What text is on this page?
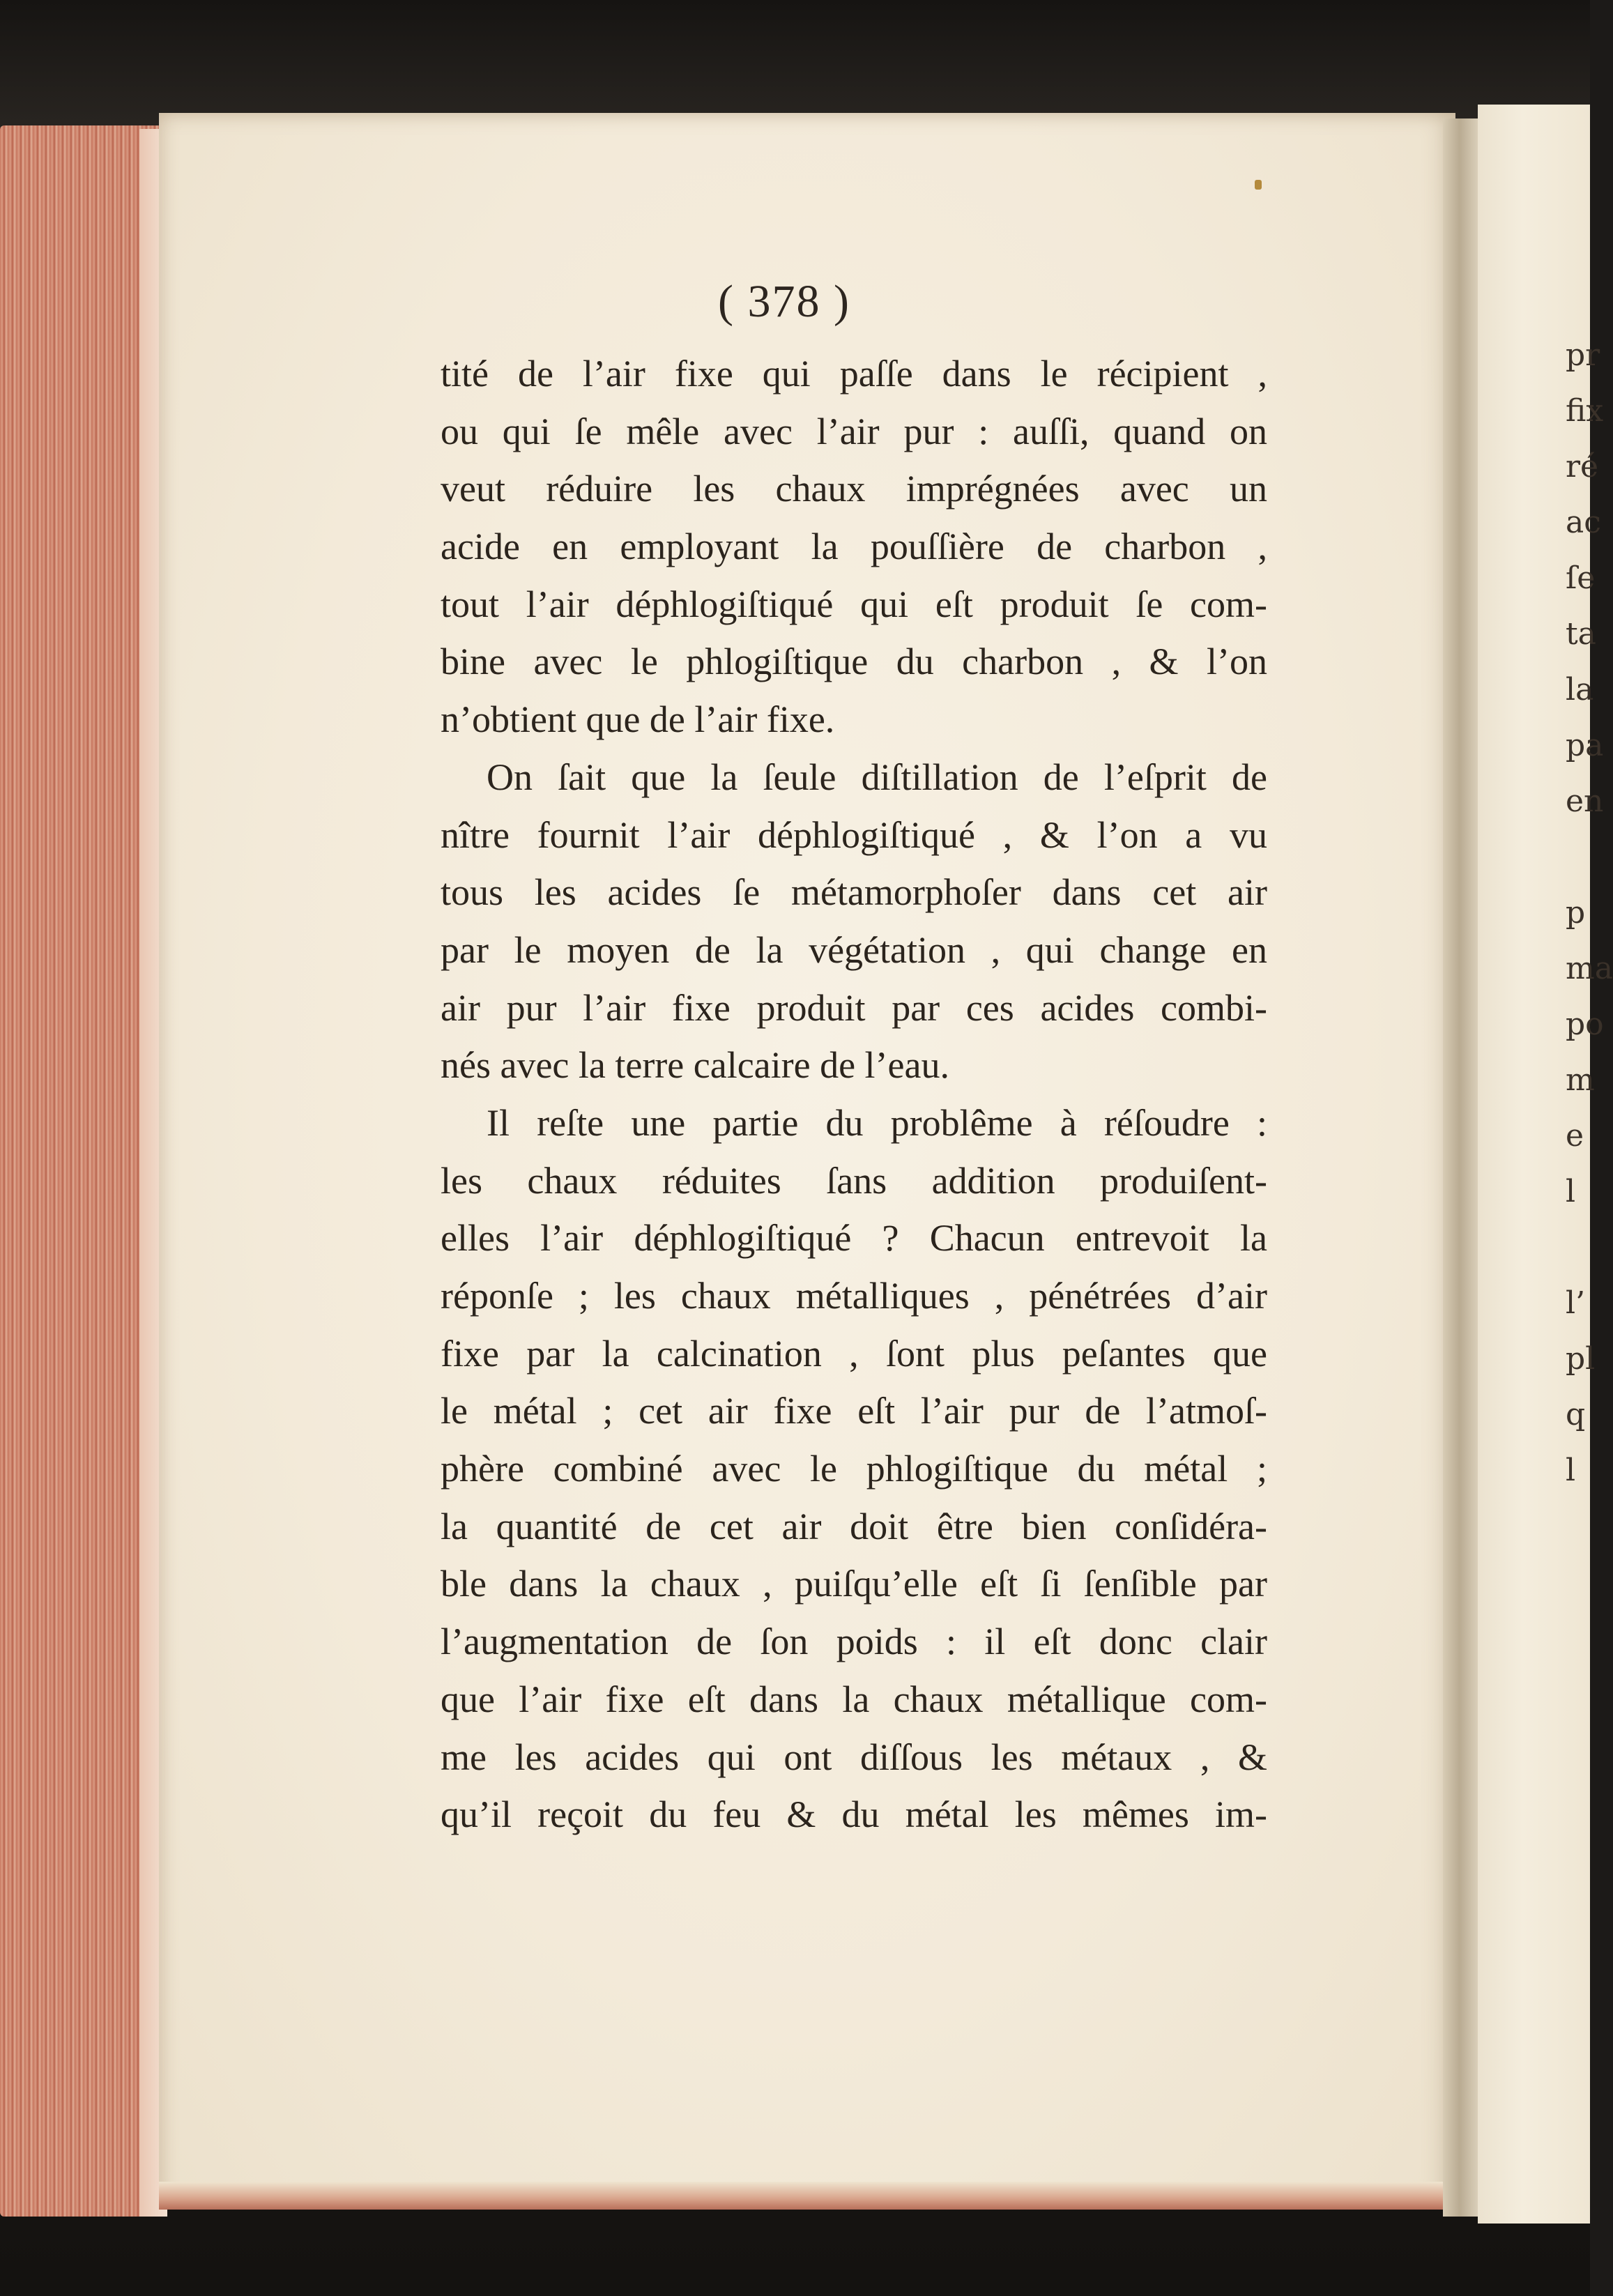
pr
fix
ré
ac
ſe
ta
la
pa
en
p
ma
po
m
e
l
l’
pl
q
l
( 378 )
tité de l’air fixe qui paſſe dans le récipient ,
ou qui ſe mêle avec l’air pur : auſſi, quand on
veut réduire les chaux imprégnées avec un
acide en employant la pouſſière de charbon ,
tout l’air déphlogiſtiqué qui eſt produit ſe com-
bine avec le phlogiſtique du charbon , & l’on
n’obtient que de l’air fixe.
On ſait que la ſeule diſtillation de l’eſprit de
nître fournit l’air déphlogiſtiqué , & l’on a vu
tous les acides ſe métamorphoſer dans cet air
par le moyen de la végétation , qui change en
air pur l’air fixe produit par ces acides combi-
nés avec la terre calcaire de l’eau.
Il reſte une partie du problême à réſoudre :
les chaux réduites ſans addition produiſent-
elles l’air déphlogiſtiqué ? Chacun entrevoit la
réponſe ; les chaux métalliques , pénétrées d’air
fixe par la calcination , ſont plus peſantes que
le métal ; cet air fixe eſt l’air pur de l’atmoſ-
phère combiné avec le phlogiſtique du métal ;
la quantité de cet air doit être bien conſidéra-
ble dans la chaux , puiſqu’elle eſt ſi ſenſible par
l’augmentation de ſon poids : il eſt donc clair
que l’air fixe eſt dans la chaux métallique com-
me les acides qui ont diſſous les métaux , &
qu’il reçoit du feu & du métal les mêmes im-
